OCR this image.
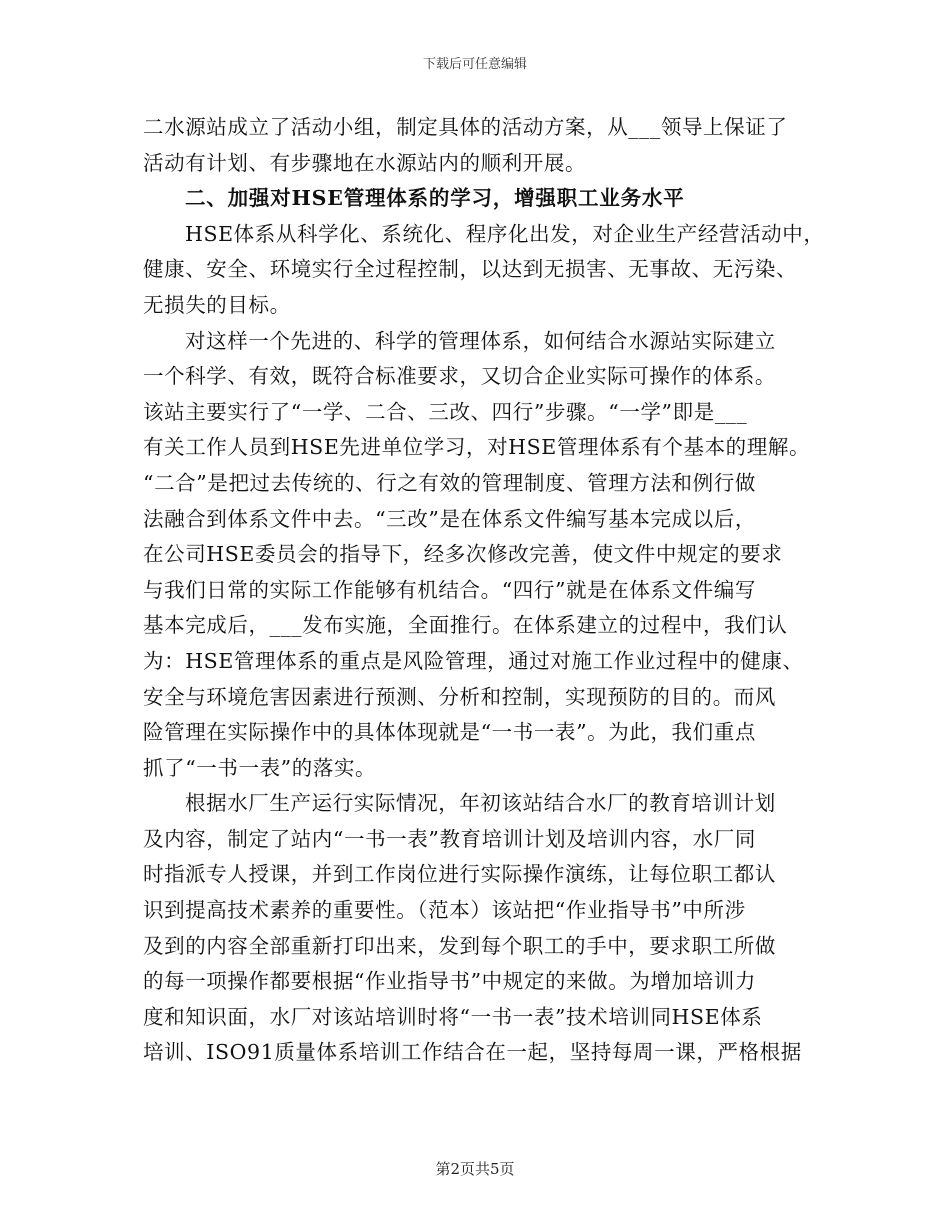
下载后可任意编辑
二水源站成立了活动小组，制定具体的活动方案，从___领导上保证了
活动有计划、有步骤地在水源站内的顺利开展。
二、加强对HSE管理体系的学习，增强职工业务水平
HSE体系从科学化、系统化、程序化出发，对企业生产经营活动中，
健康、安全、环境实行全过程控制，以达到无损害、无事故、无污染、
无损失的目标。
对这样一个先进的、科学的管理体系，如何结合水源站实际建立
一个科学、有效，既符合标准要求，又切合企业实际可操作的体系。
该站主要实行了“一学、二合、三改、四行”步骤。“一学”即是___
有关工作人员到HSE先进单位学习，对HSE管理体系有个基本的理解。
“二合”是把过去传统的、行之有效的管理制度、管理方法和例行做
法融合到体系文件中去。“三改”是在体系文件编写基本完成以后，
在公司HSE委员会的指导下，经多次修改完善，使文件中规定的要求
与我们日常的实际工作能够有机结合。“四行”就是在体系文件编写
基本完成后，___发布实施，全面推行。在体系建立的过程中，我们认
为：HSE管理体系的重点是风险管理，通过对施工作业过程中的健康、
安全与环境危害因素进行预测、分析和控制，实现预防的目的。而风
险管理在实际操作中的具体体现就是“一书一表”。为此，我们重点
抓了“一书一表”的落实。
根据水厂生产运行实际情况，年初该站结合水厂的教育培训计划
及内容，制定了站内“一书一表”教育培训计划及培训内容，水厂同
时指派专人授课，并到工作岗位进行实际操作演练，让每位职工都认
识到提高技术素养的重要性。（范本）该站把“作业指导书”中所涉
及到的内容全部重新打印出来，发到每个职工的手中，要求职工所做
的每一项操作都要根据“作业指导书”中规定的来做。为增加培训力
度和知识面，水厂对该站培训时将“一书一表”技术培训同HSE体系
培训、ISO91质量体系培训工作结合在一起，坚持每周一课，严格根据
第2页共5页
